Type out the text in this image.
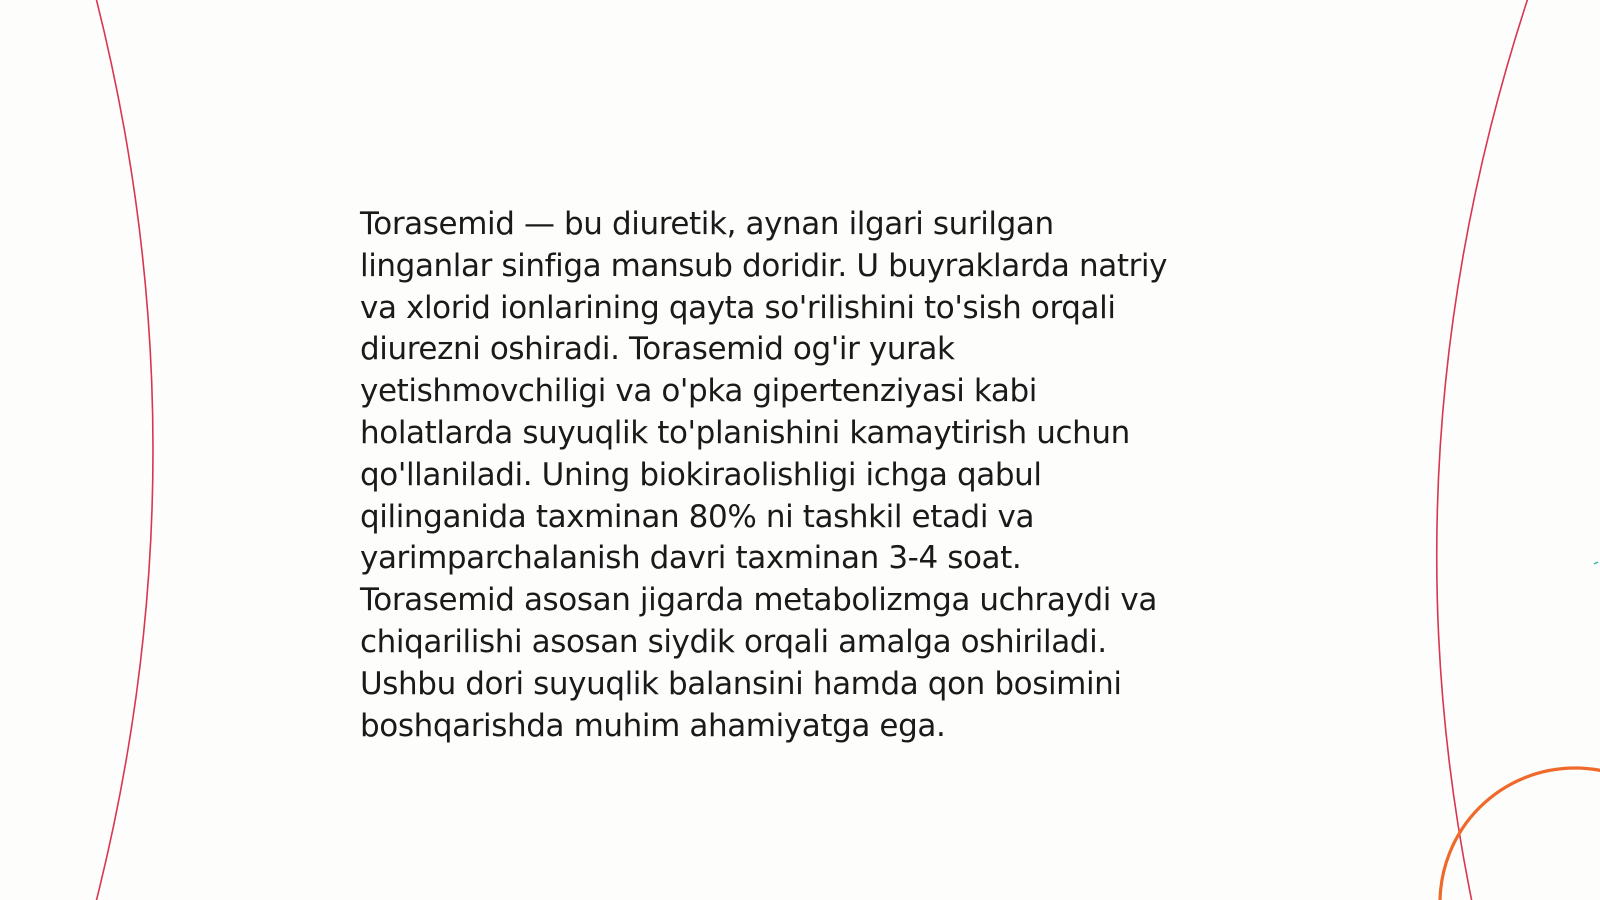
Torasemid — bu diuretik, aynan ilgari surilgan
linganlar sinfiga mansub doridir. U buyraklarda natriy
va xlorid ionlarining qayta so'rilishini to'sish orqali
diurezni oshiradi. Torasemid og'ir yurak
yetishmovchiligi va o'pka gipertenziyasi kabi
holatlarda suyuqlik to'planishini kamaytirish uchun
qo'llaniladi. Uning biokiraolishligi ichga qabul
qilinganida taxminan 80% ni tashkil etadi va
yarimparchalanish davri taxminan 3-4 soat.
Torasemid asosan jigarda metabolizmga uchraydi va
chiqarilishi asosan siydik orqali amalga oshiriladi.
Ushbu dori suyuqlik balansini hamda qon bosimini
boshqarishda muhim ahamiyatga ega.
